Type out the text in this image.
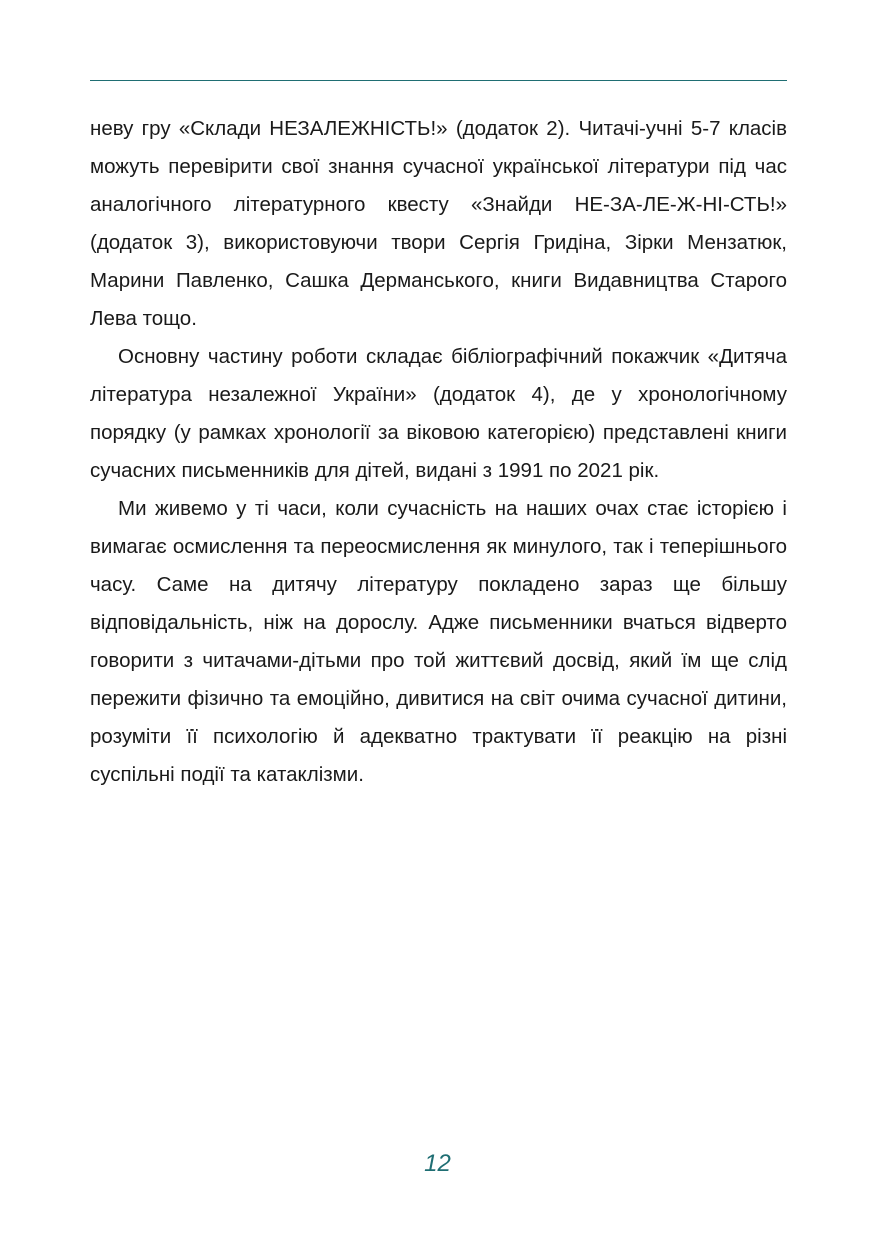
неву гру «Склади НЕЗАЛЕЖНІСТЬ!» (додаток 2). Читачі-учні 5-7 класів можуть перевірити свої знання сучасної української літератури під час аналогічного літературного квесту «Знайди НЕ-ЗА-ЛЕ-Ж-НІ-СТЬ!» (додаток 3), використовуючи твори Сергія Гридіна, Зірки Мензатюк, Марини Павленко, Сашка Дерманського, книги Видавництва Старого Лева тощо.

Основну частину роботи складає бібліографічний покажчик «Дитяча література незалежної України» (додаток 4), де у хронологічному порядку (у рамках хронології за віковою категорією) представлені книги сучасних письменників для дітей, видані з 1991 по 2021 рік.

Ми живемо у ті часи, коли сучасність на наших очах стає історією і вимагає осмислення та переосмислення як минулого, так і теперішнього часу. Саме на дитячу літературу покладено зараз ще більшу відповідальність, ніж на дорослу. Адже письменники вчаться відверто говорити з читачами-дітьми про той життєвий досвід, який їм ще слід пережити фізично та емоційно, дивитися на світ очима сучасної дитини, розуміти її психологію й адекватно трактувати її реакцію на різні суспільні події та катаклізми.

12
